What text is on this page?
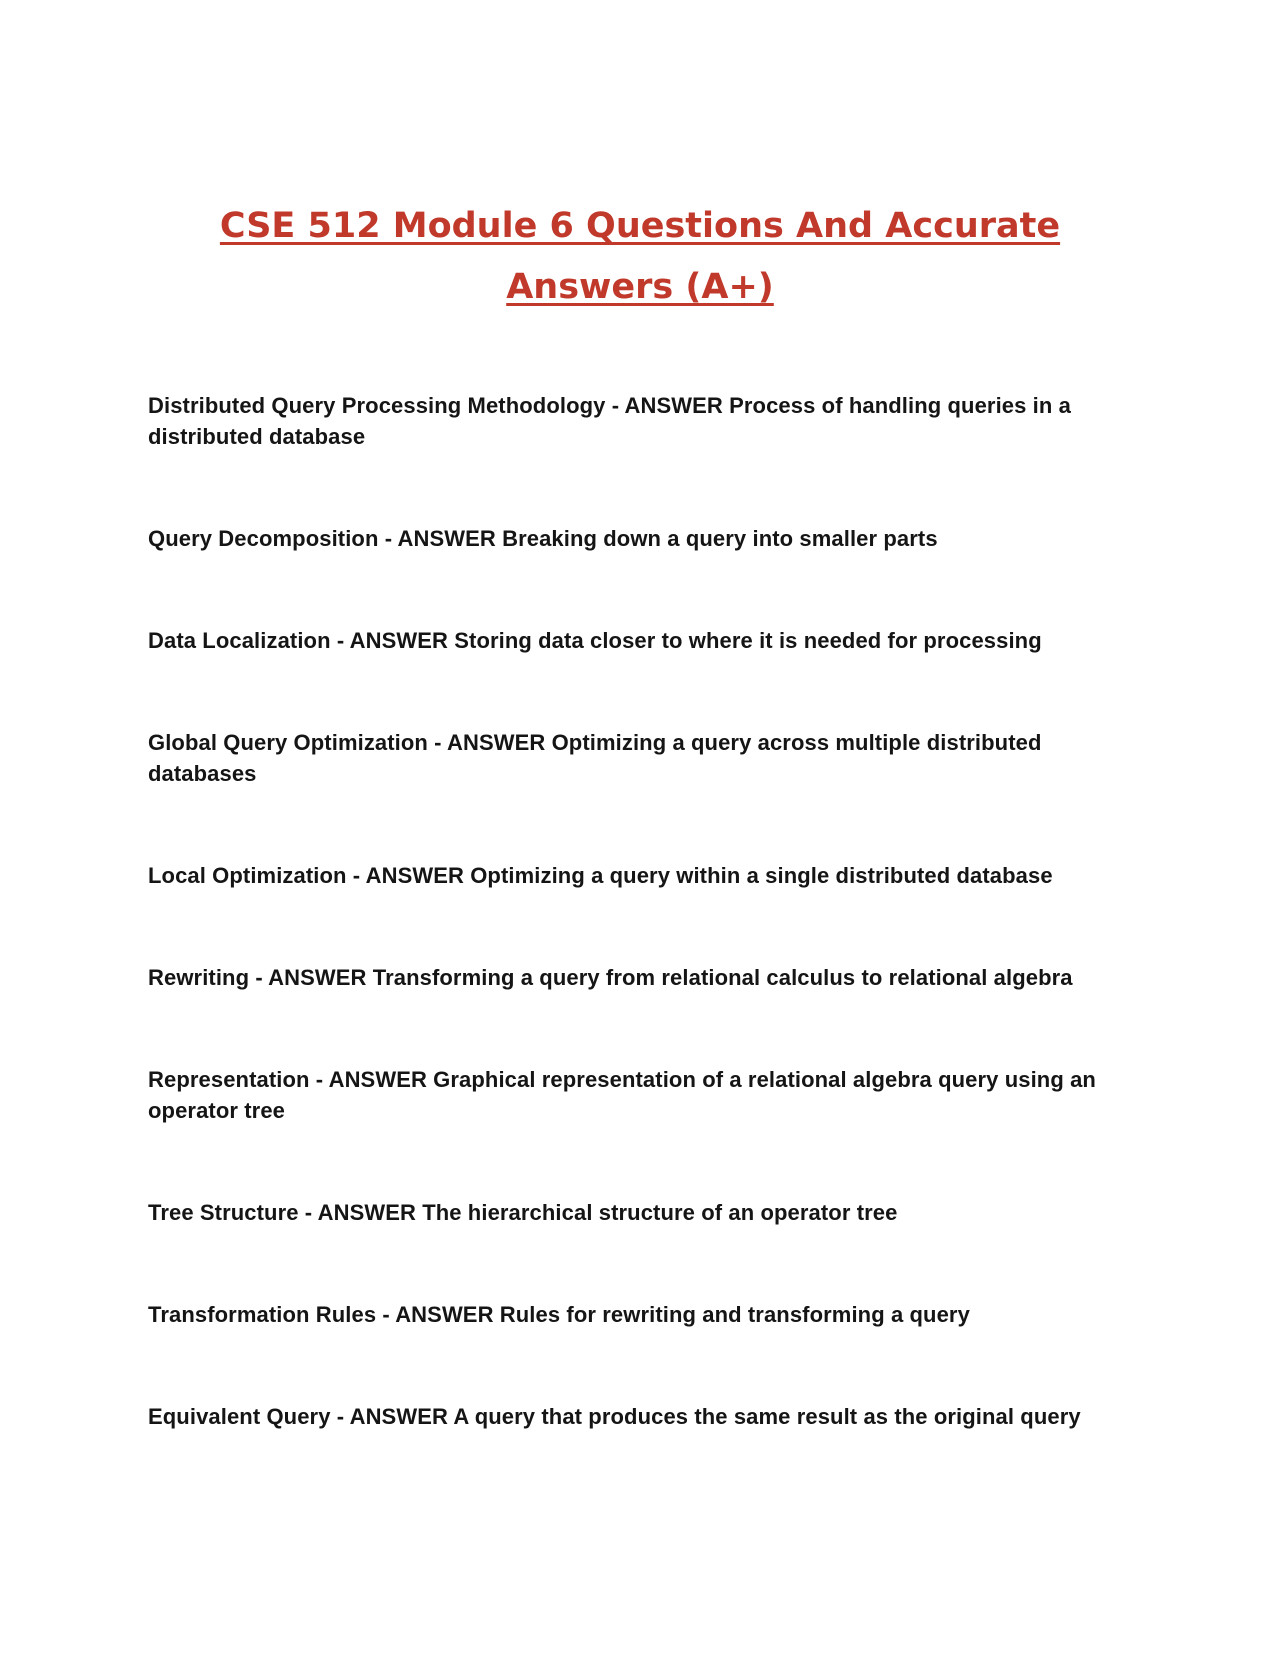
CSE 512 Module 6 Questions And Accurate Answers (A+)
Distributed Query Processing Methodology - ANSWER Process of handling queries in a distributed database
Query Decomposition - ANSWER Breaking down a query into smaller parts
Data Localization - ANSWER Storing data closer to where it is needed for processing
Global Query Optimization - ANSWER Optimizing a query across multiple distributed databases
Local Optimization - ANSWER Optimizing a query within a single distributed database
Rewriting - ANSWER Transforming a query from relational calculus to relational algebra
Representation - ANSWER Graphical representation of a relational algebra query using an operator tree
Tree Structure - ANSWER The hierarchical structure of an operator tree
Transformation Rules - ANSWER Rules for rewriting and transforming a query
Equivalent Query - ANSWER A query that produces the same result as the original query
